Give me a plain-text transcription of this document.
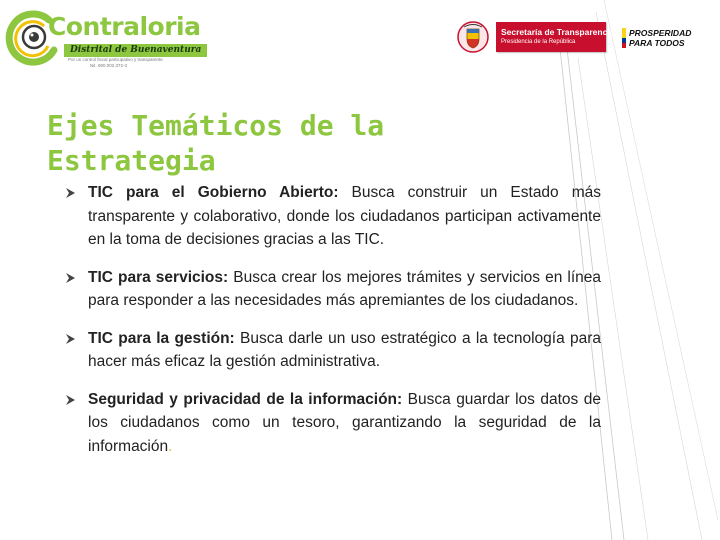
Contraloria
Distrital de Buenaventura
Por un control fiscal participativo y transparente
Nit. 900.002.372-3
Secretaría de Transparencia
Presidencia de la República
PROSPERIDAD
PARA TODOS
Ejes Temáticos de la Estrategia
TIC para el Gobierno Abierto: Busca construir un Estado más transparente y colaborativo, donde los ciudadanos participan activamente en la toma de decisiones gracias a las TIC.
TIC para servicios: Busca crear los mejores trámites y servicios en línea para responder a las necesidades más apremiantes de los ciudadanos.
TIC para la gestión: Busca darle un uso estratégico a la tecnología para hacer más eficaz la gestión administrativa.
Seguridad y privacidad de la información: Busca guardar los datos de los ciudadanos como un tesoro, garantizando la seguridad de la información.
